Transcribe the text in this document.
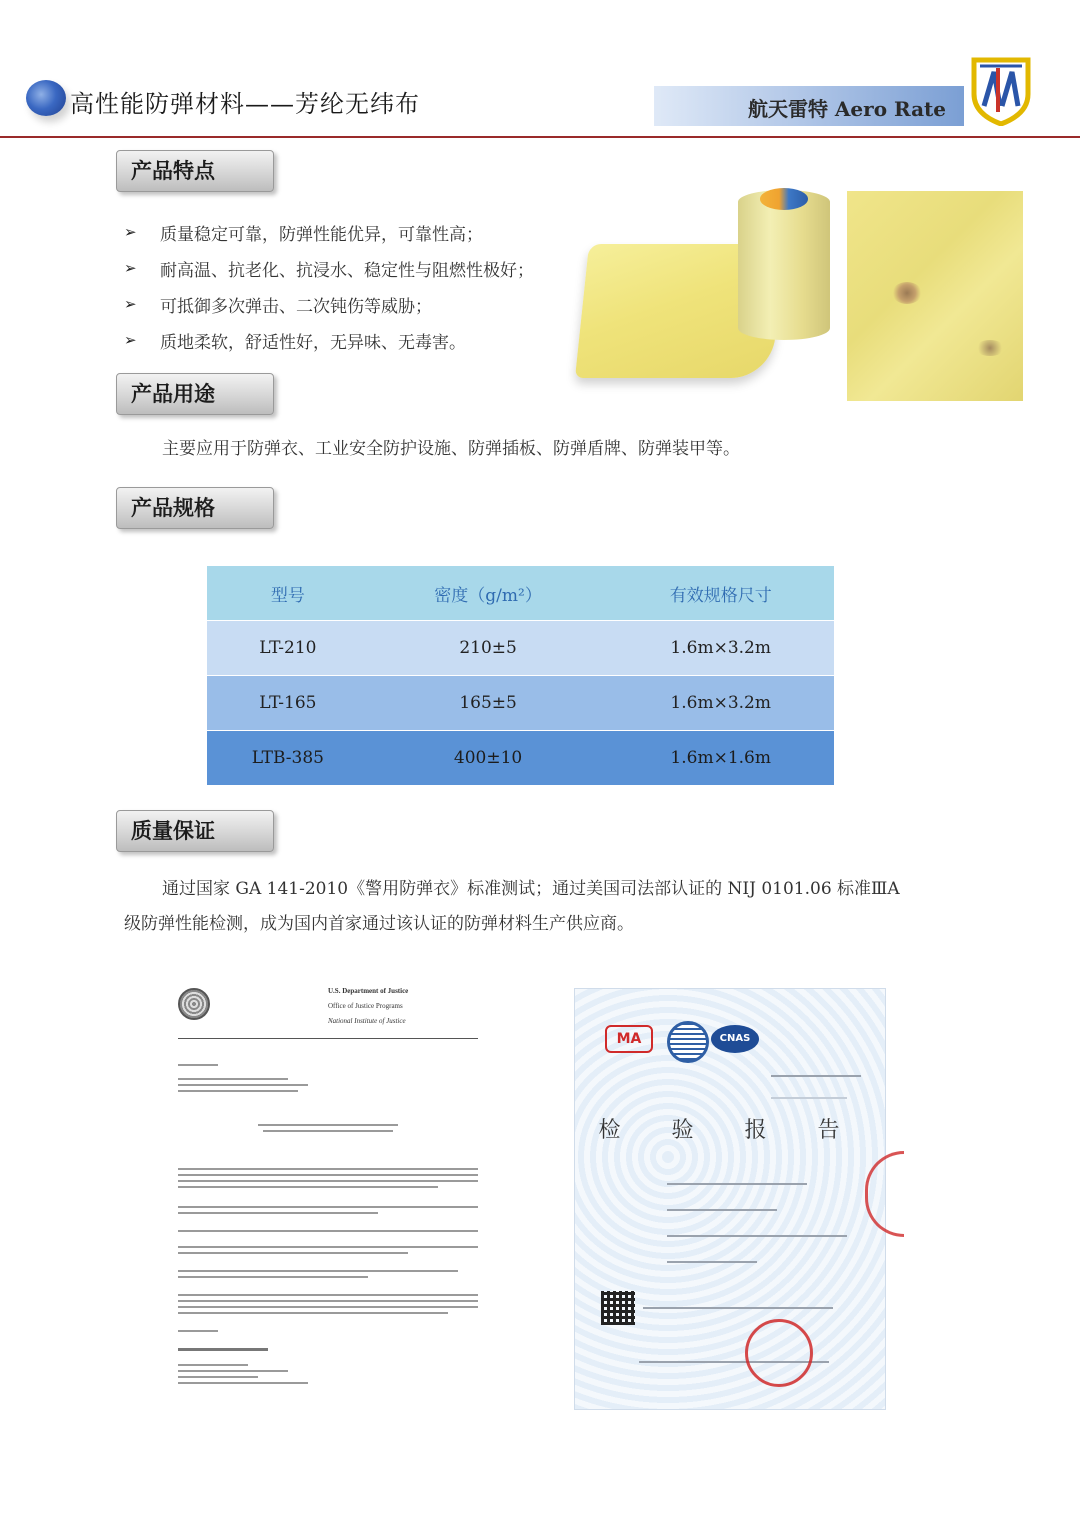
高性能防弹材料——芳纶无纬布	航天雷特 Aero Rate
产品特点
➢ 质量稳定可靠，防弹性能优异，可靠性高；
➢ 耐高温、抗老化、抗浸水、稳定性与阻燃性极好；
➢ 可抵御多次弹击、二次钝伤等威胁；
➢ 质地柔软，舒适性好，无异味、无毒害。
产品用途
主要应用于防弹衣、工业安全防护设施、防弹插板、防弹盾牌、防弹装甲等。
产品规格
型号	密度（g/m²）	有效规格尺寸
LT-210	210±5	1.6m×3.2m
LT-165	165±5	1.6m×3.2m
LTB-385	400±10	1.6m×1.6m
质量保证
通过国家 GA 141-2010《警用防弹衣》标准测试；通过美国司法部认证的 NIJ 0101.06 标准ⅢA
级防弹性能检测，成为国内首家通过该认证的防弹材料生产供应商。
U.S. Department of Justice
Office of Justice Programs
National Institute of Justice
MA	CNAS
检 验 报 告
